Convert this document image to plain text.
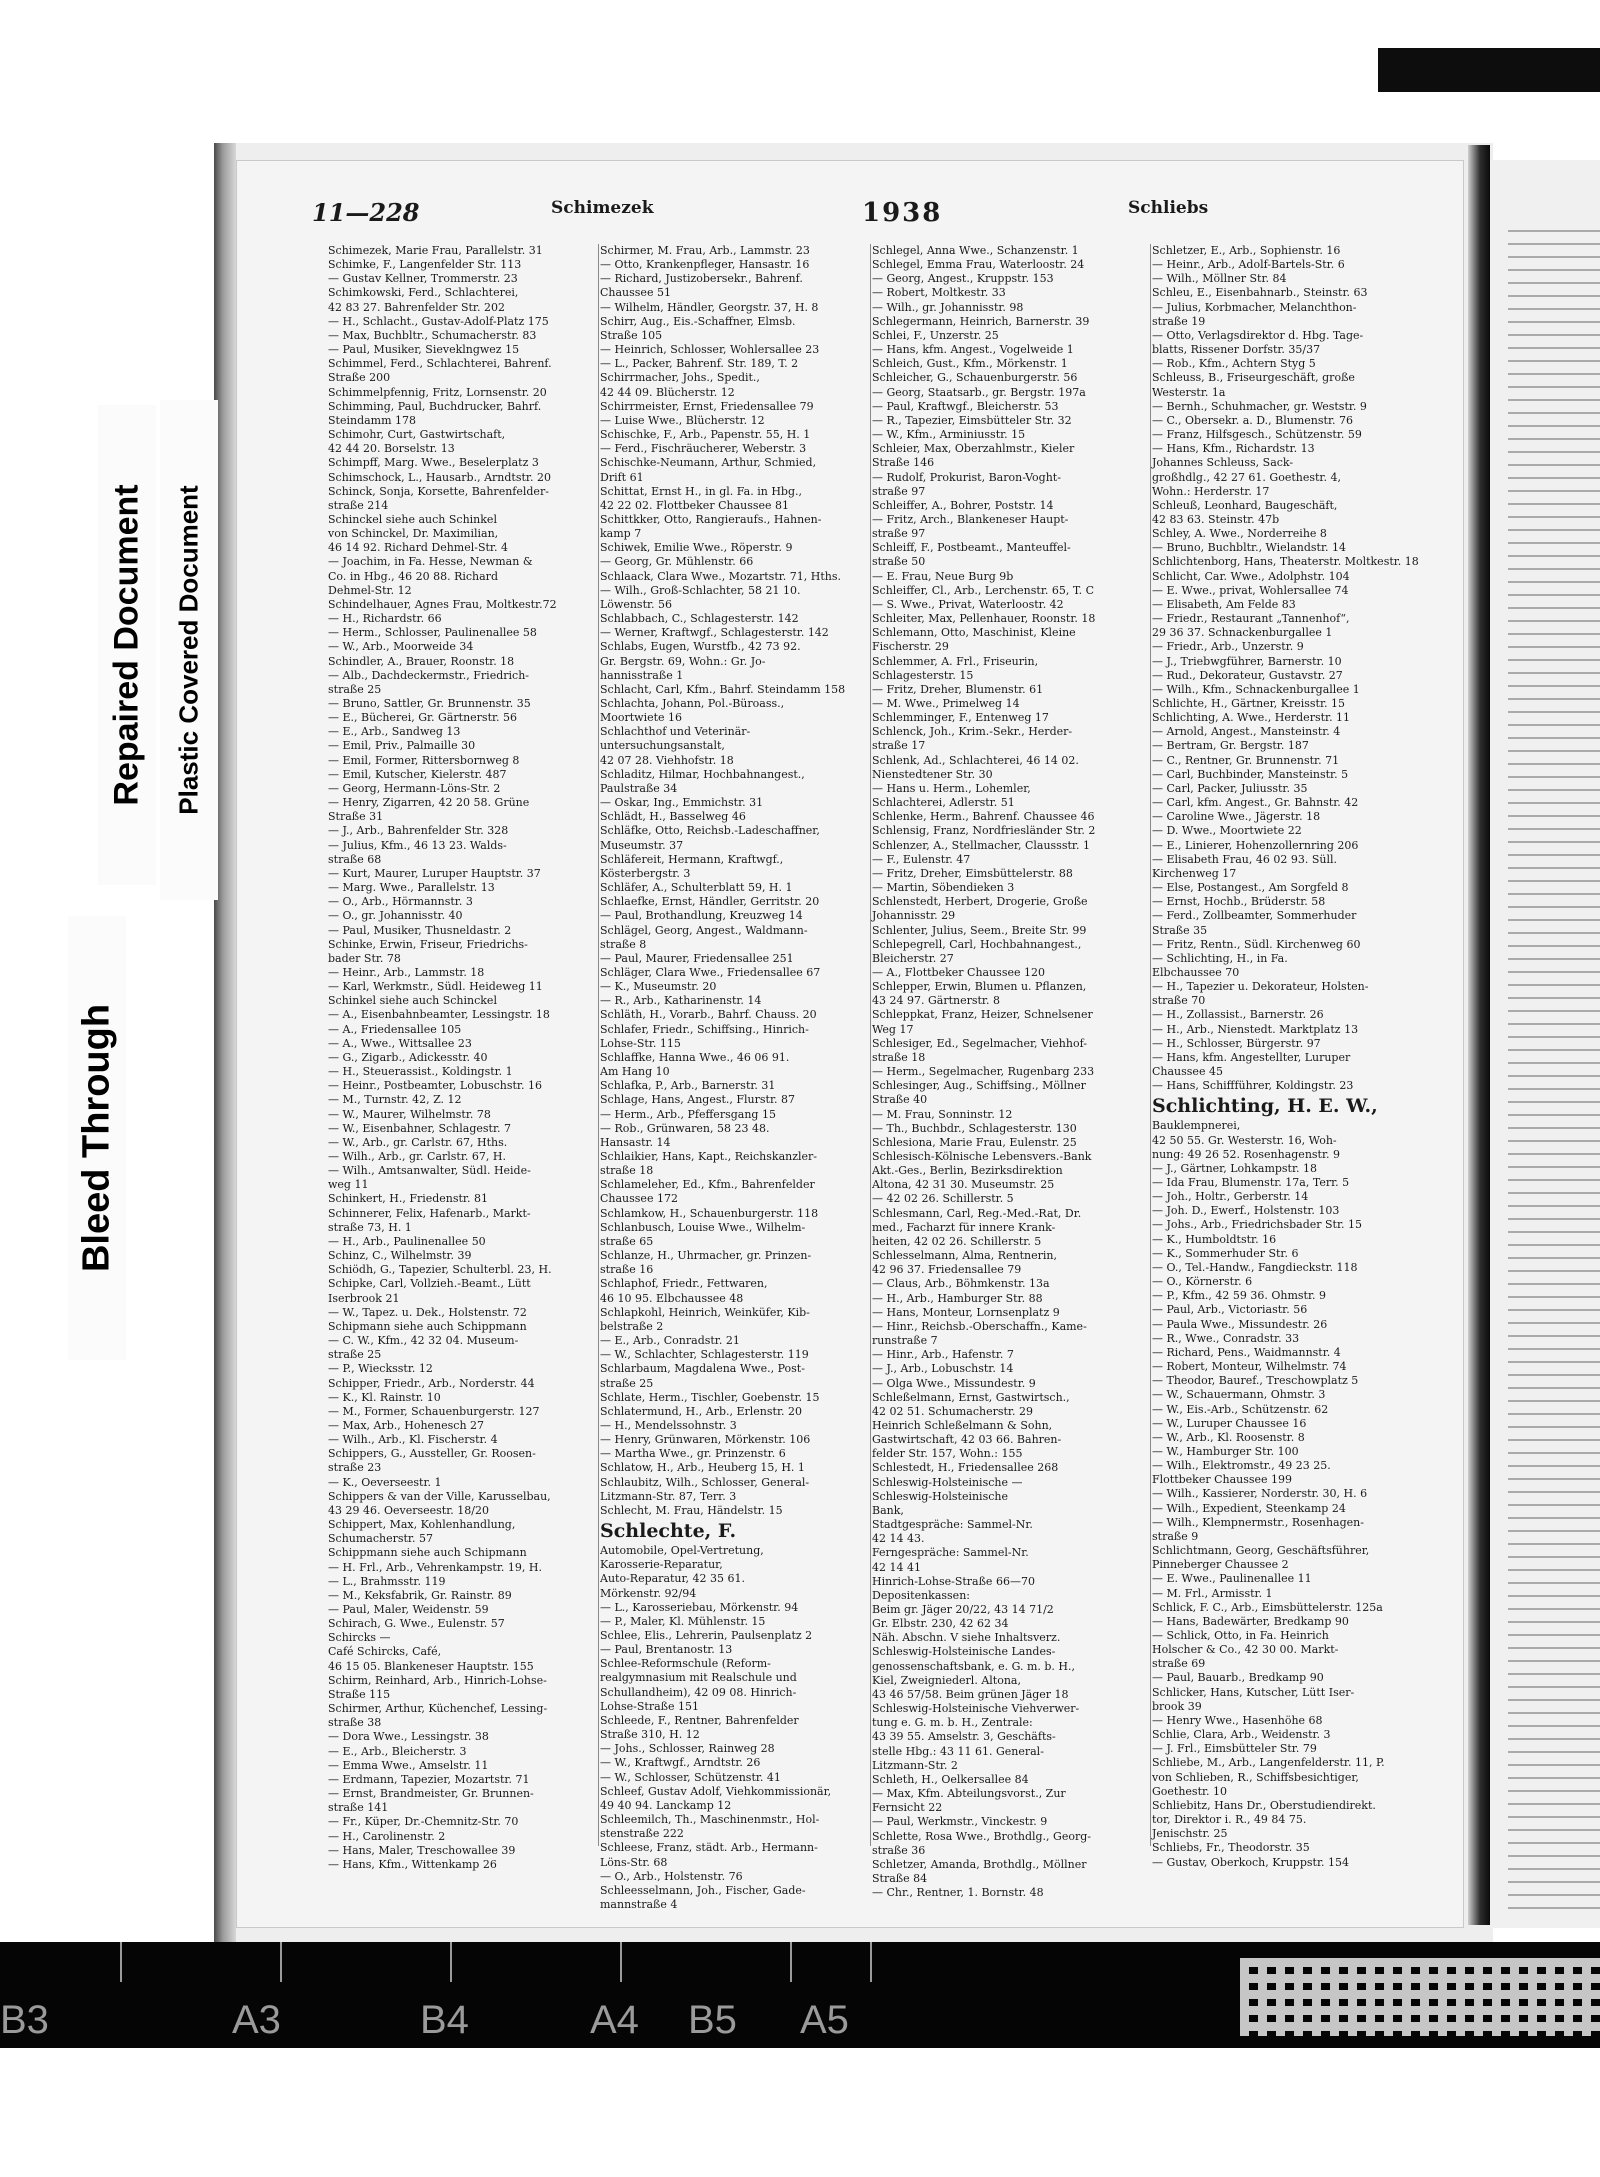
11—228	Schimezek	1938	Schliebs
Schimezek, Marie Frau, Parallelstr. 31
Schimke, F., Langenfelder Str. 113
— Gustav Kellner, Trommerstr. 23
Schimkowski, Ferd., Schlachterei,
42 83 27. Bahrenfelder Str. 202
— H., Schlacht., Gustav-Adolf-Platz 175
— Max, Buchbltr., Schumacherstr. 83
— Paul, Musiker, Sieveklngwez 15
Schimmel, Ferd., Schlachterei, Bahrenf.
Straße 200
Schimmelpfennig, Fritz, Lornsenstr. 20
Schimming, Paul, Buchdrucker, Bahrf.
Steindamm 178
Schimohr, Curt, Gastwirtschaft,
42 44 20. Borselstr. 13
Schimpff, Marg. Wwe., Beselerplatz 3
Schimschock, L., Hausarb., Arndtstr. 20
Schinck, Sonja, Korsette, Bahrenfelder-
straße 214
Schinckel siehe auch Schinkel
von Schinckel, Dr. Maximilian,
46 14 92. Richard Dehmel-Str. 4
— Joachim, in Fa. Hesse, Newman &
Co. in Hbg., 46 20 88. Richard
Dehmel-Str. 12
Schindelhauer, Agnes Frau, Moltkestr.72
— H., Richardstr. 66
— Herm., Schlosser, Paulinenallee 58
— W., Arb., Moorweide 34
Schindler, A., Brauer, Roonstr. 18
— Alb., Dachdeckermstr., Friedrich-
straße 25
— Bruno, Sattler, Gr. Brunnenstr. 35
— E., Bücherei, Gr. Gärtnerstr. 56
— E., Arb., Sandweg 13
— Emil, Priv., Palmaille 30
— Emil, Former, Rittersbornweg 8
— Emil, Kutscher, Kielerstr. 487
— Georg, Hermann-Löns-Str. 2
— Henry, Zigarren, 42 20 58. Grüne
Straße 31
— J., Arb., Bahrenfelder Str. 328
— Julius, Kfm., 46 13 23. Walds-
straße 68
— Kurt, Maurer, Luruper Hauptstr. 37
— Marg. Wwe., Parallelstr. 13
— O., Arb., Hörmannstr. 3
— O., gr. Johannisstr. 40
— Paul, Musiker, Thusneldastr. 2
Schinke, Erwin, Friseur, Friedrichs-
bader Str. 78
— Heinr., Arb., Lammstr. 18
— Karl, Werkmstr., Südl. Heideweg 11
Schinkel siehe auch Schinckel
— A., Eisenbahnbeamter, Lessingstr. 18
— A., Friedensallee 105
— A., Wwe., Wittsallee 23
— G., Zigarb., Adickesstr. 40
— H., Steuerassist., Koldingstr. 1
— Heinr., Postbeamter, Lobuschstr. 16
— M., Turnstr. 42, Z. 12
— W., Maurer, Wilhelmstr. 78
— W., Eisenbahner, Schlagestr. 7
— W., Arb., gr. Carlstr. 67, Hths.
— Wilh., Arb., gr. Carlstr. 67, H.
— Wilh., Amtsanwalter, Südl. Heide-
weg 11
Schinkert, H., Friedenstr. 81
Schinnerer, Felix, Hafenarb., Markt-
straße 73, H. 1
— H., Arb., Paulinenallee 50
Schinz, C., Wilhelmstr. 39
Schiödh, G., Tapezier, Schulterbl. 23, H.
Schipke, Carl, Vollzieh.-Beamt., Lütt
Iserbrook 21
— W., Tapez. u. Dek., Holstenstr. 72
Schipmann siehe auch Schippmann
— C. W., Kfm., 42 32 04. Museum-
straße 25
— P., Wiecksstr. 12
Schipper, Friedr., Arb., Norderstr. 44
— K., Kl. Rainstr. 10
— M., Former, Schauenburgerstr. 127
— Max, Arb., Hohenesch 27
— Wilh., Arb., Kl. Fischerstr. 4
Schippers, G., Aussteller, Gr. Roosen-
straße 23
— K., Oeverseestr. 1
Schippers & van der Ville, Karusselbau,
43 29 46. Oeverseestr. 18/20
Schippert, Max, Kohlenhandlung,
Schumacherstr. 57
Schippmann siehe auch Schipmann
— H. Frl., Arb., Vehrenkampstr. 19, H.
— L., Brahmsstr. 119
— M., Keksfabrik, Gr. Rainstr. 89
— Paul, Maler, Weidenstr. 59
Schirach, G. Wwe., Eulenstr. 57
Schircks —
Café Schircks, Café,
46 15 05. Blankeneser Hauptstr. 155
Schirm, Reinhard, Arb., Hinrich-Lohse-
Straße 115
Schirmer, Arthur, Küchenchef, Lessing-
straße 38
— Dora Wwe., Lessingstr. 38
— E., Arb., Bleicherstr. 3
— Emma Wwe., Amselstr. 11
— Erdmann, Tapezier, Mozartstr. 71
— Ernst, Brandmeister, Gr. Brunnen-
straße 141
— Fr., Küper, Dr.-Chemnitz-Str. 70
— H., Carolinenstr. 2
— Hans, Maler, Treschowallee 39
— Hans, Kfm., Wittenkamp 26
Schirmer, M. Frau, Arb., Lammstr. 23
— Otto, Krankenpfleger, Hansastr. 16
— Richard, Justizobersekr., Bahrenf.
Chaussee 51
— Wilhelm, Händler, Georgstr. 37, H. 8
Schirr, Aug., Eis.-Schaffner, Elmsb.
Straße 105
— Heinrich, Schlosser, Wohlersallee 23
— L., Packer, Bahrenf. Str. 189, T. 2
Schirrmacher, Johs., Spedit.,
42 44 09. Blücherstr. 12
Schirrmeister, Ernst, Friedensallee 79
— Luise Wwe., Blücherstr. 12
Schischke, F., Arb., Papenstr. 55, H. 1
— Ferd., Fischräucherer, Weberstr. 3
Schischke-Neumann, Arthur, Schmied,
Drift 61
Schittat, Ernst H., in gl. Fa. in Hbg.,
42 22 02. Flottbeker Chaussee 81
Schittkker, Otto, Rangieraufs., Hahnen-
kamp 7
Schiwek, Emilie Wwe., Röperstr. 9
— Georg, Gr. Mühlenstr. 66
Schlaack, Clara Wwe., Mozartstr. 71, Hths.
— Wilh., Groß-Schlachter, 58 21 10.
Löwenstr. 56
Schlabbach, C., Schlagesterstr. 142
— Werner, Kraftwgf., Schlagesterstr. 142
Schlabs, Eugen, Wurstfb., 42 73 92.
Gr. Bergstr. 69, Wohn.: Gr. Jo-
hannisstraße 1
Schlacht, Carl, Kfm., Bahrf. Steindamm 158
Schlachta, Johann, Pol.-Büroass.,
Moortwiete 16
Schlachthof und Veterinär-
untersuchungsanstalt,
42 07 28. Viehhofstr. 18
Schladitz, Hilmar, Hochbahnangest.,
Paulstraße 34
— Oskar, Ing., Emmichstr. 31
Schlädt, H., Basselweg 46
Schläfke, Otto, Reichsb.-Ladeschaffner,
Museumstr. 37
Schläfereit, Hermann, Kraftwgf.,
Kösterbergstr. 3
Schläfer, A., Schulterblatt 59, H. 1
Schlaefke, Ernst, Händler, Gerritstr. 20
— Paul, Brothandlung, Kreuzweg 14
Schlägel, Georg, Angest., Waldmann-
straße 8
— Paul, Maurer, Friedensallee 251
Schläger, Clara Wwe., Friedensallee 67
— K., Museumstr. 20
— R., Arb., Katharinenstr. 14
Schläth, H., Vorarb., Bahrf. Chauss. 20
Schlafer, Friedr., Schiffsing., Hinrich-
Lohse-Str. 115
Schlaffke, Hanna Wwe., 46 06 91.
Am Hang 10
Schlafka, P., Arb., Barnerstr. 31
Schlage, Hans, Angest., Flurstr. 87
— Herm., Arb., Pfeffersgang 15
— Rob., Grünwaren, 58 23 48.
Hansastr. 14
Schlaikier, Hans, Kapt., Reichskanzler-
straße 18
Schlameleher, Ed., Kfm., Bahrenfelder
Chaussee 172
Schlamkow, H., Schauenburgerstr. 118
Schlanbusch, Louise Wwe., Wilhelm-
straße 65
Schlanze, H., Uhrmacher, gr. Prinzen-
straße 16
Schlaphof, Friedr., Fettwaren,
46 10 95. Elbchaussee 48
Schlapkohl, Heinrich, Weinküfer, Kib-
belstraße 2
— E., Arb., Conradstr. 21
— W., Schlachter, Schlagesterstr. 119
Schlarbaum, Magdalena Wwe., Post-
straße 25
Schlate, Herm., Tischler, Goebenstr. 15
Schlatermund, H., Arb., Erlenstr. 20
— H., Mendelssohnstr. 3
— Henry, Grünwaren, Mörkenstr. 106
— Martha Wwe., gr. Prinzenstr. 6
Schlatow, H., Arb., Heuberg 15, H. 1
Schlaubitz, Wilh., Schlosser, General-
Litzmann-Str. 87, Terr. 3
Schlecht, M. Frau, Händelstr. 15
Schlechte, F.
Automobile, Opel-Vertretung,
Karosserie-Reparatur,
Auto-Reparatur, 42 35 61.
Mörkenstr. 92/94
— L., Karosseriebau, Mörkenstr. 94
— P., Maler, Kl. Mühlenstr. 15
Schlee, Elis., Lehrerin, Paulsenplatz 2
— Paul, Brentanostr. 13
Schlee-Reformschule (Reform-
realgymnasium mit Realschule und
Schullandheim), 42 09 08. Hinrich-
Lohse-Straße 151
Schleede, F., Rentner, Bahrenfelder
Straße 310, H. 12
— Johs., Schlosser, Rainweg 28
— W., Kraftwgf., Arndtstr. 26
— W., Schlosser, Schützenstr. 41
Schleef, Gustav Adolf, Viehkommissionär,
49 40 94. Lanckamp 12
Schleemilch, Th., Maschinenmstr., Hol-
stenstraße 222
Schleese, Franz, städt. Arb., Hermann-
Löns-Str. 68
— O., Arb., Holstenstr. 76
Schleesselmann, Joh., Fischer, Gade-
mannstraße 4
Schlegel, Anna Wwe., Schanzenstr. 1
Schlegel, Emma Frau, Waterloostr. 24
— Georg, Angest., Kruppstr. 153
— Robert, Moltkestr. 33
— Wilh., gr. Johannisstr. 98
Schlegermann, Heinrich, Barnerstr. 39
Schlei, F., Unzerstr. 25
— Hans, kfm. Angest., Vogelweide 1
Schleich, Gust., Kfm., Mörkenstr. 1
Schleicher, G., Schauenburgerstr. 56
— Georg, Staatsarb., gr. Bergstr. 197a
— Paul, Kraftwgf., Bleicherstr. 53
— R., Tapezier, Eimsbütteler Str. 32
— W., Kfm., Arminiusstr. 15
Schleier, Max, Oberzahlmstr., Kieler
Straße 146
— Rudolf, Prokurist, Baron-Voght-
straße 97
Schleiffer, A., Bohrer, Poststr. 14
— Fritz, Arch., Blankeneser Haupt-
straße 97
Schleiff, F., Postbeamt., Manteuffel-
straße 50
— E. Frau, Neue Burg 9b
Schleiffer, Cl., Arb., Lerchenstr. 65, T. C
— S. Wwe., Privat, Waterloostr. 42
Schleiter, Max, Pellenhauer, Roonstr. 18
Schlemann, Otto, Maschinist, Kleine
Fischerstr. 29
Schlemmer, A. Frl., Friseurin,
Schlagesterstr. 15
— Fritz, Dreher, Blumenstr. 61
— M. Wwe., Primelweg 14
Schlemminger, F., Entenweg 17
Schlenck, Joh., Krim.-Sekr., Herder-
straße 17
Schlenk, Ad., Schlachterei, 46 14 02.
Nienstedtener Str. 30
— Hans u. Herm., Lohemler,
Schlachterei, Adlerstr. 51
Schlenke, Herm., Bahrenf. Chaussee 46
Schlensig, Franz, Nordfriesländer Str. 2
Schlenzer, A., Stellmacher, Claussstr. 1
— F., Eulenstr. 47
— Fritz, Dreher, Eimsbüttelerstr. 88
— Martin, Söbendieken 3
Schlenstedt, Herbert, Drogerie, Große
Johannisstr. 29
Schlenter, Julius, Seem., Breite Str. 99
Schlepegrell, Carl, Hochbahnangest.,
Bleicherstr. 27
— A., Flottbeker Chaussee 120
Schlepper, Erwin, Blumen u. Pflanzen,
43 24 97. Gärtnerstr. 8
Schleppkat, Franz, Heizer, Schnelsener
Weg 17
Schlesiger, Ed., Segelmacher, Viehhof-
straße 18
— Herm., Segelmacher, Rugenbarg 233
Schlesinger, Aug., Schiffsing., Möllner
Straße 40
— M. Frau, Sonninstr. 12
— Th., Buchbdr., Schlagesterstr. 130
Schlesiona, Marie Frau, Eulenstr. 25
Schlesisch-Kölnische Lebensvers.-Bank
Akt.-Ges., Berlin, Bezirksdirektion
Altona, 42 31 30. Museumstr. 25
— 42 02 26. Schillerstr. 5
Schlesmann, Carl, Reg.-Med.-Rat, Dr.
med., Facharzt für innere Krank-
heiten, 42 02 26. Schillerstr. 5
Schlesselmann, Alma, Rentnerin,
42 96 37. Friedensallee 79
— Claus, Arb., Böhmkenstr. 13a
— H., Arb., Hamburger Str. 88
— Hans, Monteur, Lornsenplatz 9
— Hinr., Reichsb.-Oberschaffn., Kame-
runstraße 7
— Hinr., Arb., Hafenstr. 7
— J., Arb., Lobuschstr. 14
— Olga Wwe., Missundestr. 9
Schleßelmann, Ernst, Gastwirtsch.,
42 02 51. Schumacherstr. 29
Heinrich Schleßelmann & Sohn,
Gastwirtschaft, 42 03 66. Bahren-
felder Str. 157, Wohn.: 155
Schlestedt, H., Friedensallee 268
Schleswig-Holsteinische —
Schleswig-Holsteinische
Bank,
Stadtgespräche: Sammel-Nr.
42 14 43.
Ferngespräche: Sammel-Nr.
42 14 41
Hinrich-Lohse-Straße 66—70
Depositenkassen:
Beim gr. Jäger 20/22, 43 14 71/2
Gr. Elbstr. 230, 42 62 34
Näh. Abschn. V siehe Inhaltsverz.
Schleswig-Holsteinische Landes-
genossenschaftsbank, e. G. m. b. H.,
Kiel, Zweigniederl. Altona,
43 46 57/58. Beim grünen Jäger 18
Schleswig-Holsteinische Viehverwer-
tung e. G. m. b. H., Zentrale:
43 39 55. Amselstr. 3, Geschäfts-
stelle Hbg.: 43 11 61. General-
Litzmann-Str. 2
Schleth, H., Oelkersallee 84
— Max, Kfm. Abteilungsvorst., Zur
Fernsicht 22
— Paul, Werkmstr., Vinckestr. 9
Schlette, Rosa Wwe., Brothdlg., Georg-
straße 36
Schletzer, Amanda, Brothdlg., Möllner
Straße 84
— Chr., Rentner, 1. Bornstr. 48
Schletzer, E., Arb., Sophienstr. 16
— Heinr., Arb., Adolf-Bartels-Str. 6
— Wilh., Möllner Str. 84
Schleu, E., Eisenbahnarb., Steinstr. 63
— Julius, Korbmacher, Melanchthon-
straße 19
— Otto, Verlagsdirektor d. Hbg. Tage-
blatts, Rissener Dorfstr. 35/37
— Rob., Kfm., Achtern Styg 5
Schleuss, B., Friseurgeschäft, große
Westerstr. 1a
— Bernh., Schuhmacher, gr. Weststr. 9
— C., Obersekr. a. D., Blumenstr. 76
— Franz, Hilfsgesch., Schützenstr. 59
— Hans, Kfm., Richardstr. 13
Johannes Schleuss, Sack-
großhdlg., 42 27 61. Goethestr. 4,
Wohn.: Herderstr. 17
Schleuß, Leonhard, Baugeschäft,
42 83 63. Steinstr. 47b
Schley, A. Wwe., Norderreihe 8
— Bruno, Buchbltr., Wielandstr. 14
Schlichtenborg, Hans, Theaterstr. Moltkestr. 18
Schlicht, Car. Wwe., Adolphstr. 104
— E. Wwe., privat, Wohlersallee 74
— Elisabeth, Am Felde 83
— Friedr., Restaurant „Tannenhof“,
29 36 37. Schnackenburgallee 1
— Friedr., Arb., Unzerstr. 9
— J., Triebwgführer, Barnerstr. 10
— Rud., Dekorateur, Gustavstr. 27
— Wilh., Kfm., Schnackenburgallee 1
Schlichte, H., Gärtner, Kreisstr. 15
Schlichting, A. Wwe., Herderstr. 11
— Arnold, Angest., Mansteinstr. 4
— Bertram, Gr. Bergstr. 187
— C., Rentner, Gr. Brunnenstr. 71
— Carl, Buchbinder, Mansteinstr. 5
— Carl, Packer, Juliusstr. 35
— Carl, kfm. Angest., Gr. Bahnstr. 42
— Caroline Wwe., Jägerstr. 18
— D. Wwe., Moortwiete 22
— E., Linierer, Hohenzollernring 206
— Elisabeth Frau, 46 02 93. Süll.
Kirchenweg 17
— Else, Postangest., Am Sorgfeld 8
— Ernst, Hochb., Brüderstr. 58
— Ferd., Zollbeamter, Sommerhuder
Straße 35
— Fritz, Rentn., Südl. Kirchenweg 60
— Schlichting, H., in Fa.
Elbchaussee 70
— H., Tapezier u. Dekorateur, Holsten-
straße 70
— H., Zollassist., Barnerstr. 26
— H., Arb., Nienstedt. Marktplatz 13
— H., Schlosser, Bürgerstr. 97
— Hans, kfm. Angestellter, Luruper
Chaussee 45
— Hans, Schiffführer, Koldingstr. 23
Schlichting, H. E. W.,
Bauklempnerei,
42 50 55. Gr. Westerstr. 16, Woh-
nung: 49 26 52. Rosenhagenstr. 9
— J., Gärtner, Lohkampstr. 18
— Ida Frau, Blumenstr. 17a, Terr. 5
— Joh., Holtr., Gerberstr. 14
— Joh. D., Ewerf., Holstenstr. 103
— Johs., Arb., Friedrichsbader Str. 15
— K., Humboldtstr. 16
— K., Sommerhuder Str. 6
— O., Tel.-Handw., Fangdieckstr. 118
— O., Körnerstr. 6
— P., Kfm., 42 59 36. Ohmstr. 9
— Paul, Arb., Victoriastr. 56
— Paula Wwe., Missundestr. 26
— R., Wwe., Conradstr. 33
— Richard, Pens., Waidmannstr. 4
— Robert, Monteur, Wilhelmstr. 74
— Theodor, Bauref., Treschowplatz 5
— W., Schauermann, Ohmstr. 3
— W., Eis.-Arb., Schützenstr. 62
— W., Luruper Chaussee 16
— W., Arb., Kl. Roosenstr. 8
— W., Hamburger Str. 100
— Wilh., Elektromstr., 49 23 25.
Flottbeker Chaussee 199
— Wilh., Kassierer, Norderstr. 30, H. 6
— Wilh., Expedient, Steenkamp 24
— Wilh., Klempnermstr., Rosenhagen-
straße 9
Schlichtmann, Georg, Geschäftsführer,
Pinneberger Chaussee 2
— E. Wwe., Paulinenallee 11
— M. Frl., Armisstr. 1
Schlick, F. C., Arb., Eimsbüttelerstr. 125a
— Hans, Badewärter, Bredkamp 90
— Schlick, Otto, in Fa. Heinrich
Holscher & Co., 42 30 00. Markt-
straße 69
— Paul, Bauarb., Bredkamp 90
Schlicker, Hans, Kutscher, Lütt Iser-
brook 39
— Henry Wwe., Hasenhöhe 68
Schlie, Clara, Arb., Weidenstr. 3
— J. Frl., Eimsbütteler Str. 79
Schliebe, M., Arb., Langenfelderstr. 11, P.
von Schlieben, R., Schiffsbesichtiger,
Goethestr. 10
Schliebitz, Hans Dr., Oberstudiendirekt.
tor, Direktor i. R., 49 84 75.
Jenischstr. 25
Schliebs, Fr., Theodorstr. 35
— Gustav, Oberkoch, Kruppstr. 154
Bleed Through
Repaired Document Plastic Covered Document
B3	A3	B4	A4 B5 A5
